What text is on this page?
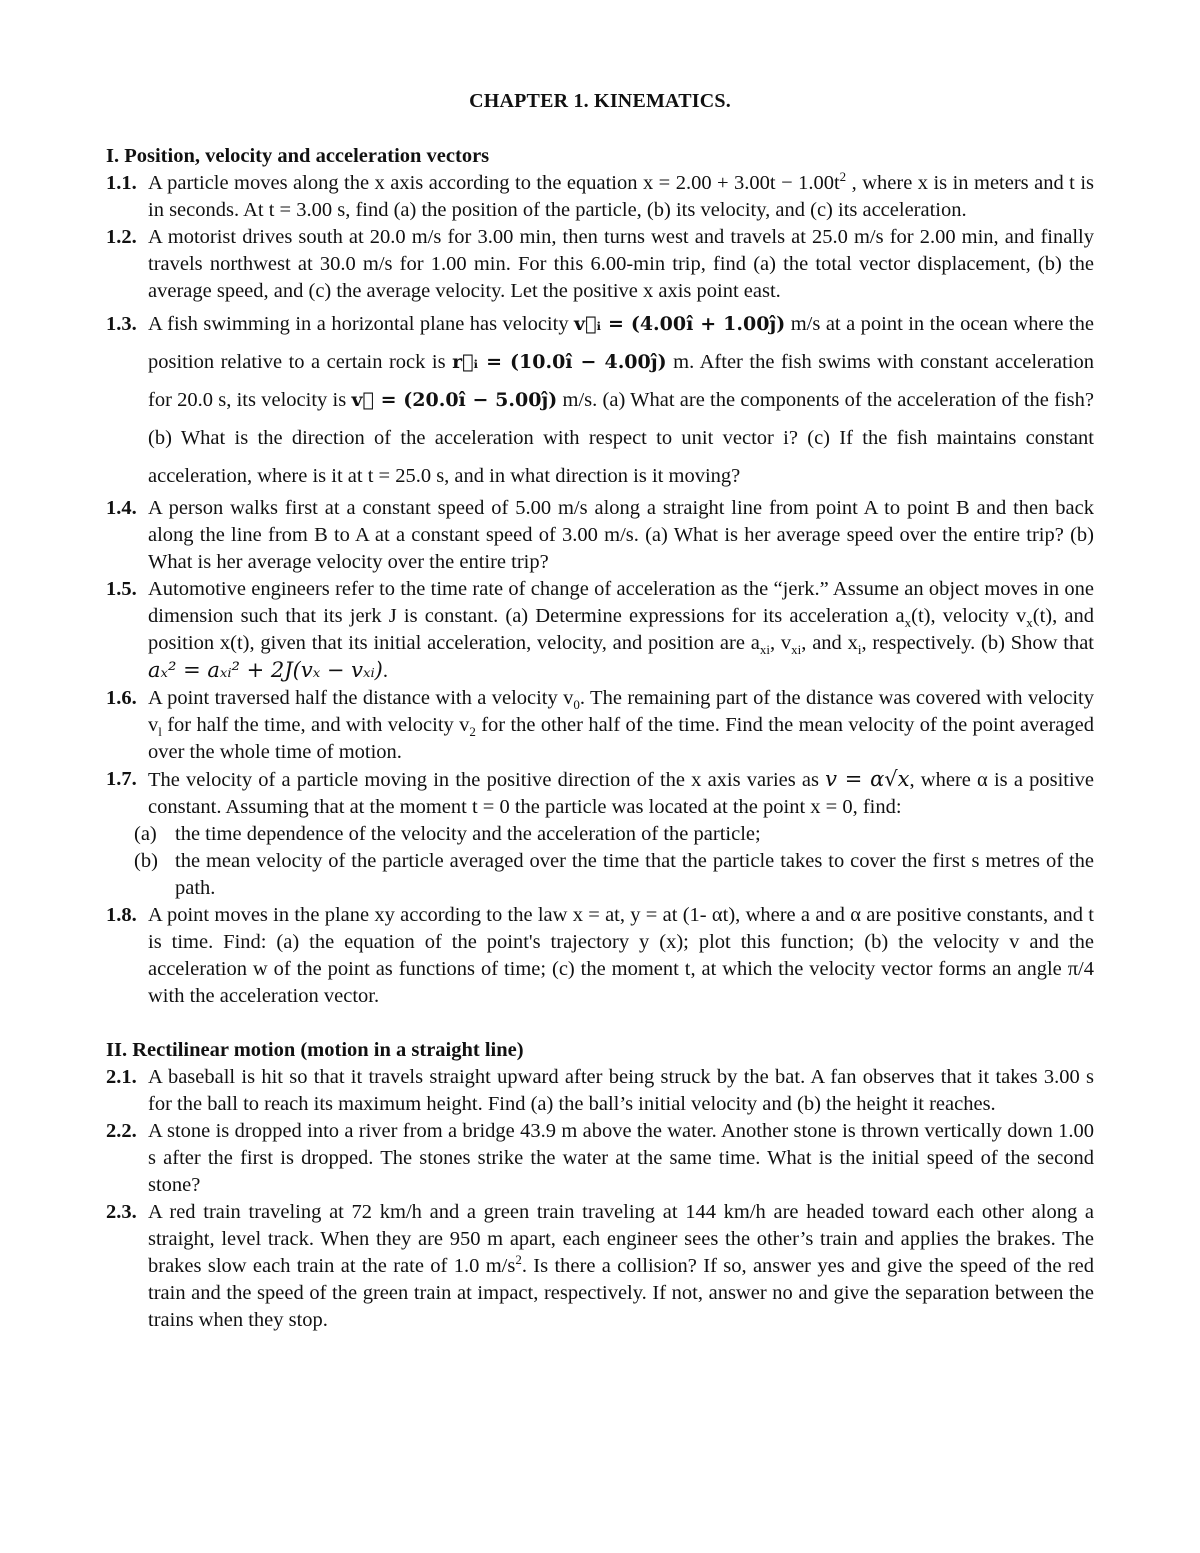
CHAPTER 1. KINEMATICS.
I. Position, velocity and acceleration vectors
1.1. A particle moves along the x axis according to the equation $x = 2.00 + 3.00t - 1.00t^2$ , where x is in meters and t is in seconds. At t = 3.00 s, find (a) the position of the particle, (b) its velocity, and (c) its acceleration.
1.2. A motorist drives south at 20.0 m/s for 3.00 min, then turns west and travels at 25.0 m/s for 2.00 min, and finally travels northwest at 30.0 m/s for 1.00 min. For this 6.00-min trip, find (a) the total vector displacement, (b) the average speed, and (c) the average velocity. Let the positive x axis point east.
1.3. A fish swimming in a horizontal plane has velocity v⃗ᵢ = (4.00î + 1.00ĵ) m/s at a point in the ocean where the position relative to a certain rock is r⃗ᵢ = (10.0î − 4.00ĵ) m. After the fish swims with constant acceleration for 20.0 s, its velocity is v⃗ = (20.0î − 5.00ĵ) m/s. (a) What are the components of the acceleration of the fish? (b) What is the direction of the acceleration with respect to unit vector i? (c) If the fish maintains constant acceleration, where is it at t = 25.0 s, and in what direction is it moving?
1.4. A person walks first at a constant speed of 5.00 m/s along a straight line from point A to point B and then back along the line from B to A at a constant speed of 3.00 m/s. (a) What is her average speed over the entire trip? (b) What is her average velocity over the entire trip?
1.5. Automotive engineers refer to the time rate of change of acceleration as the “jerk.” Assume an object moves in one dimension such that its jerk J is constant. (a) Determine expressions for its acceleration $a_x(t)$, velocity $v_x(t)$, and position x(t), given that its initial acceleration, velocity, and position are $a_{xi}$, $v_{xi}$, and $x_i$, respectively. (b) Show that aₓ² = aₓᵢ² + 2J(vₓ − vₓᵢ).
1.6. A point traversed half the distance with a velocity $v_0$. The remaining part of the distance was covered with velocity $v_l$ for half the time, and with velocity $v_2$ for the other half of the time. Find the mean velocity of the point averaged over the whole time of motion.
1.7. The velocity of a particle moving in the positive direction of the x axis varies as v = α√x, where α is a positive constant. Assuming that at the moment t = 0 the particle was located at the point x = 0, find:
(a) the time dependence of the velocity and the acceleration of the particle;
(b) the mean velocity of the particle averaged over the time that the particle takes to cover the first s metres of the path.
1.8. A point moves in the plane xy according to the law x = at, y = at (1- αt), where a and α are positive constants, and t is time. Find: (a) the equation of the point's trajectory y (x); plot this function; (b) the velocity v and the acceleration w of the point as functions of time; (c) the moment t, at which the velocity vector forms an angle π/4 with the acceleration vector.
II. Rectilinear motion (motion in a straight line)
2.1. A baseball is hit so that it travels straight upward after being struck by the bat. A fan observes that it takes 3.00 s for the ball to reach its maximum height. Find (a) the ball’s initial velocity and (b) the height it reaches.
2.2. A stone is dropped into a river from a bridge 43.9 m above the water. Another stone is thrown vertically down 1.00 s after the first is dropped. The stones strike the water at the same time. What is the initial speed of the second stone?
2.3. A red train traveling at 72 km/h and a green train traveling at 144 km/h are headed toward each other along a straight, level track. When they are 950 m apart, each engineer sees the other’s train and applies the brakes. The brakes slow each train at the rate of 1.0 $m/s^2$. Is there a collision? If so, answer yes and give the speed of the red train and the speed of the green train at impact, respectively. If not, answer no and give the separation between the trains when they stop.
